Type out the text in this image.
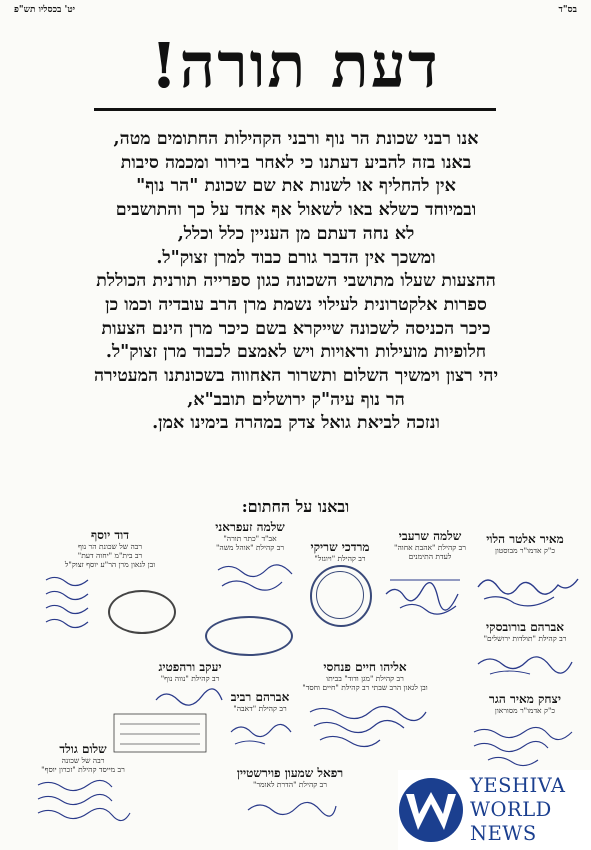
יט' בכסליו תש"פ	בס"ד
דעת תורה!
אנו רבני שכונת הר נוף ורבני הקהילות החתומים מטה,
באנו בזה להביע דעתנו כי לאחר בירור ומכמה סיבות
אין להחליף או לשנות את שם שכונת "הר נוף"
ובמיוחד כשלא באו לשאול אף אחד על כך והתושבים
לא נחה דעתם מן העניין כלל וכלל,
ומשכך אין הדבר גורם כבוד למרן זצוק"ל.
ההצעות שעלו מתושבי השכונה כגון ספרייה תורנית הכוללת
ספרות אלקטרונית לעילוי נשמת מרן הרב עובדיה וכמו כן
כיכר הכניסה לשכונה שייקרא בשם כיכר מרן הינם הצעות
חלופיות מועילות וראויות ויש לאמצם לכבוד מרן זצוק"ל.
יהי רצון וימשיך השלום ותשרור האחווה בשכונתנו המעטירה
הר נוף עיה"ק ירושלים תובב"א,
ונזכה לביאת גואל צדק במהרה בימינו אמן.
ובאנו על החתום:
מאיר אלטר הלוי
כ"ק אדמו"ר מבוסטון
שלמה שרעבי
רב קהילת "אהבת אחוה"
לעדת התימנים
מרדכי שריקי
רב קהילת "ויוגזל"
שלמה זעפראני
אב"ד "כתר תורה"
רב קהילת "אוהל משה"
דוד יוסף
רבה של שכונת הר נוף
רב בית"מ "יחוה דעת"
ובן לגאון מרן הר"ע יוסף זצוק"ל
אברהם בורובסקי
רב קהילת "תולדות ירושלים"
אליהו חיים פנחסי
רב קהילת "מגן ודוד" בביתו
ובן לגאון הרב שבתי רב קהילת "חיים וחסד"
יעקב ורהפטיג
רב קהילת "נווה נוף"
יצחק מאיר הגר
כ"ק אדמו"ר מסוראון
אברהם רביב
רב קהילת "דאבה"
שלום גולד
רבה של שכונה
רב מייסד קהילת "זכרון יוסף"	רפאל שמעון פוירשטיין
רב קהילת "הדרת לאומר"	YESHIVA
WORLD
NEWS
